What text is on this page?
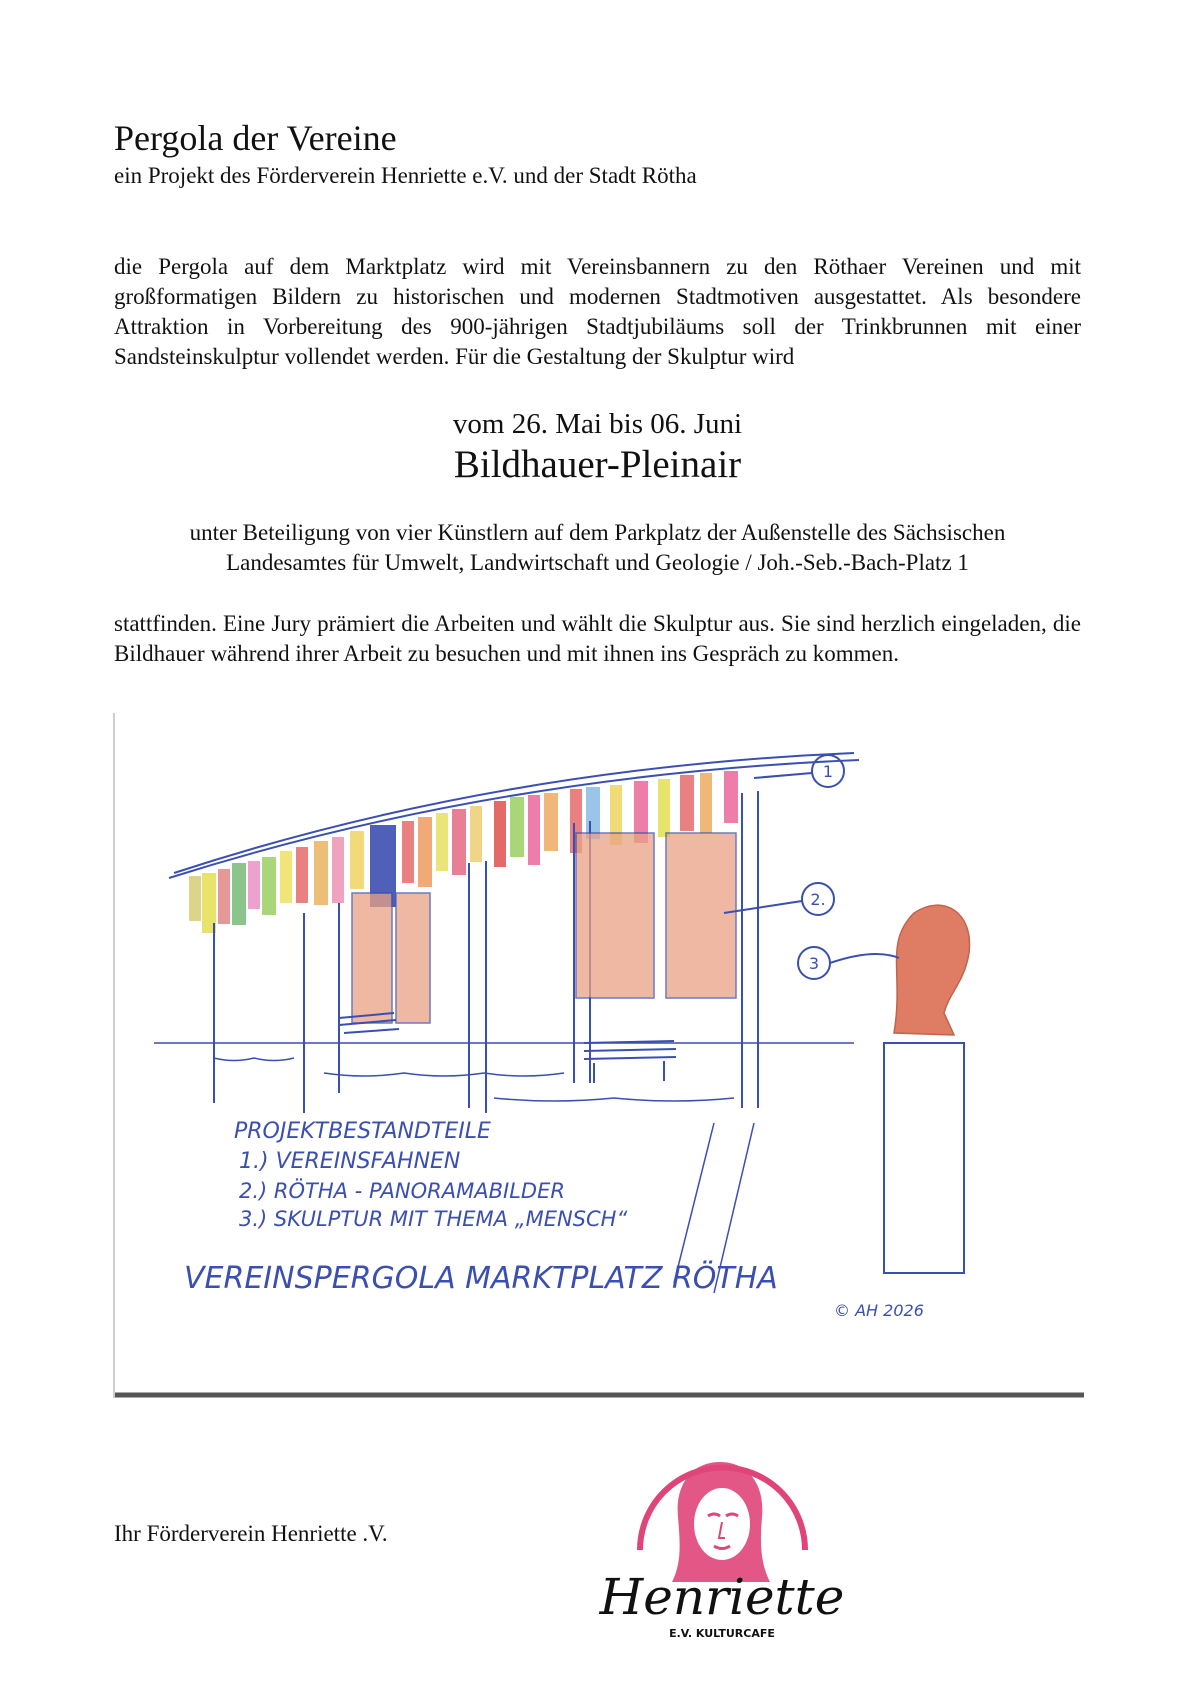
Pergola der Vereine
ein Projekt des Förderverein Henriette e.V. und der Stadt Rötha

die Pergola auf dem Marktplatz wird mit Vereinsbannern zu den Röthaer Vereinen und mit großformatigen Bildern zu historischen und modernen Stadtmotiven ausgestattet. Als besondere Attraktion in Vorbereitung des 900-jährigen Stadtjubiläums soll der Trinkbrunnen mit einer Sandsteinskulptur vollendet werden. Für die Gestaltung der Skulptur wird

vom 26. Mai bis 06. Juni
Bildhauer-Pleinair
unter Beteiligung von vier Künstlern auf dem Parkplatz der Außenstelle des Sächsischen
Landesamtes für Umwelt, Landwirtschaft und Geologie / Joh.-Seb.-Bach-Platz 1

stattfinden. Eine Jury prämiert die Arbeiten und wählt die Skulptur aus. Sie sind herzlich eingeladen, die Bildhauer während ihrer Arbeit zu besuchen und mit ihnen ins Gespräch zu kommen.

1
2.
3
PROJEKTBESTANDTEILE
1.) VEREINSFAHNEN
2.) RÖTHA - PANORAMABILDER
3.) SKULPTUR MIT THEMA „MENSCH“
VEREINSPERGOLA MARKTPLATZ RÖTHA
© AH 2026
Ihr Förderverein Henriette .V.
Henriette
E.V. KULTURCAFE
